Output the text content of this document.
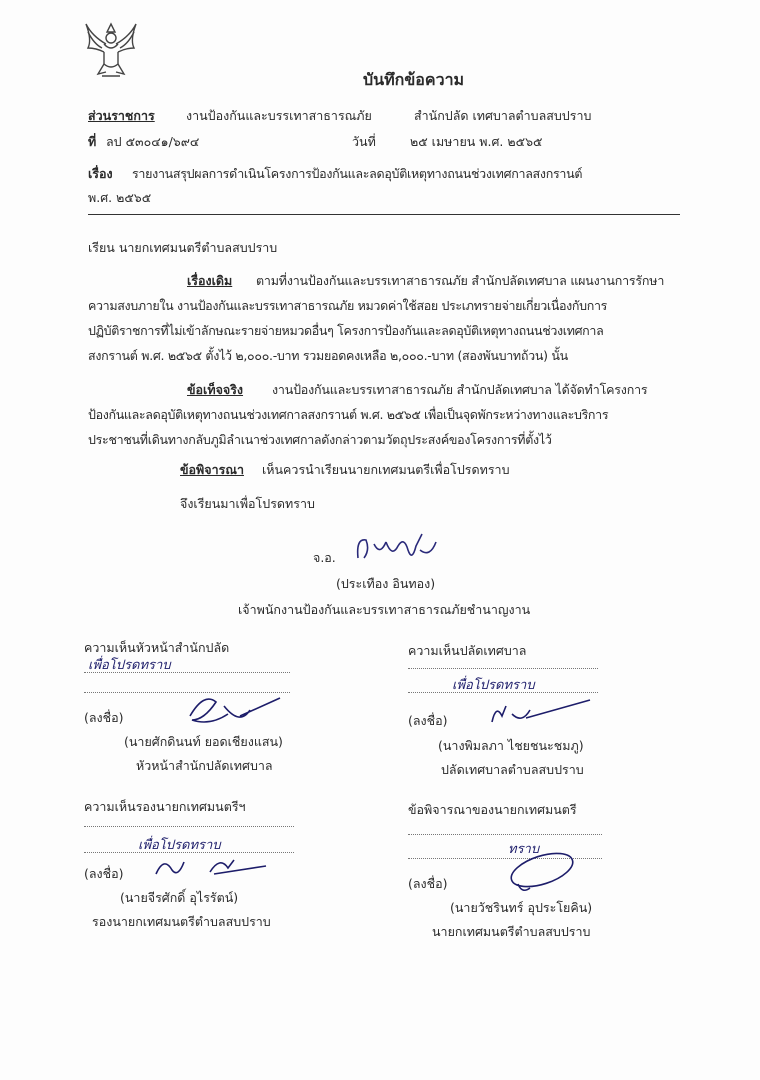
บันทึกข้อความ
ส่วนราชการ	งานป้องกันและบรรเทาสาธารณภัย	สำนักปลัด เทศบาลตำบลสบปราบ
ที่ ลป ๕๓๐๔๑/๖๙๔	วันที่	๒๕ เมษายน พ.ศ. ๒๕๖๕
เรื่อง รายงานสรุปผลการดำเนินโครงการป้องกันและลดอุบัติเหตุทางถนนช่วงเทศกาลสงกรานต์
พ.ศ. ๒๕๖๕
เรียน นายกเทศมนตรีตำบลสบปราบ
เรื่องเดิม ตามที่งานป้องกันและบรรเทาสาธารณภัย สำนักปลัดเทศบาล แผนงานการรักษา
ความสงบภายใน งานป้องกันและบรรเทาสาธารณภัย หมวดค่าใช้สอย ประเภทรายจ่ายเกี่ยวเนื่องกับการ
ปฏิบัติราชการที่ไม่เข้าลักษณะรายจ่ายหมวดอื่นๆ โครงการป้องกันและลดอุบัติเหตุทางถนนช่วงเทศกาล
สงกรานต์ พ.ศ. ๒๕๖๕ ตั้งไว้ ๒,๐๐๐.-บาท รวมยอดคงเหลือ ๒,๐๐๐.-บาท (สองพันบาทถ้วน) นั้น
ข้อเท็จจริง งานป้องกันและบรรเทาสาธารณภัย สำนักปลัดเทศบาล ได้จัดทำโครงการ
ป้องกันและลดอุบัติเหตุทางถนนช่วงเทศกาลสงกรานต์ พ.ศ. ๒๕๖๕ เพื่อเป็นจุดพักระหว่างทางและบริการ
ประชาชนที่เดินทางกลับภูมิลำเนาช่วงเทศกาลดังกล่าวตามวัตถุประสงค์ของโครงการที่ตั้งไว้
ข้อพิจารณา เห็นควรนำเรียนนายกเทศมนตรีเพื่อโปรดทราบ
จึงเรียนมาเพื่อโปรดทราบ
จ.อ.
(ประเทือง อินทอง)
เจ้าพนักงานป้องกันและบรรเทาสาธารณภัยชำนาญงาน
ความเห็นหัวหน้าสำนักปลัด
เพื่อโปรดทราบ
(ลงชื่อ)
(นายศักดินนท์ ยอดเชียงแสน)
หัวหน้าสำนักปลัดเทศบาล
ความเห็นปลัดเทศบาล
เพื่อโปรดทราบ
(ลงชื่อ)
(นางพิมลภา ไชยชนะชมภู)
ปลัดเทศบาลตำบลสบปราบ
ความเห็นรองนายกเทศมนตรีฯ
เพื่อโปรดทราบ
(ลงชื่อ)
(นายจีรศักดิ์ อุไรรัตน์)
รองนายกเทศมนตรีตำบลสบปราบ
ข้อพิจารณาของนายกเทศมนตรี
ทราบ
(ลงชื่อ)
(นายวัชรินทร์ อุประโยคิน)
นายกเทศมนตรีตำบลสบปราบ
